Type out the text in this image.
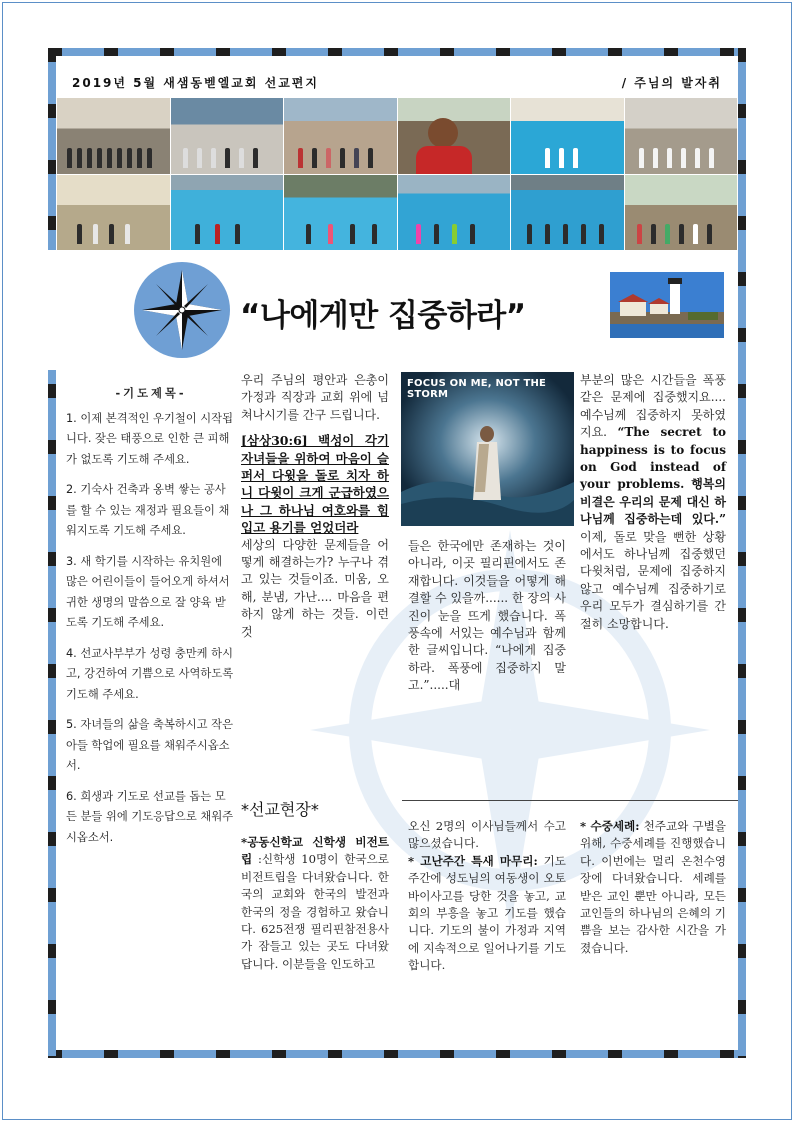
2019년 5월 새샘동벧엘교회 선교편지	/ 주님의 발자취
“나에게만 집중하라”
-기도제목-
1. 이제 본격적인 우기철이 시작됩니다. 잦은 태풍으로 인한 큰 피해가 없도록 기도해 주세요.
2. 기숙사 건축과 옹벽 쌓는 공사를 할 수 있는 재정과 필요들이 채워지도록 기도해 주세요.
3. 새 학기를 시작하는 유치원에 많은 어린이들이 들어오게 하셔서 귀한 생명의 말씀으로 잘 양육 받도록 기도해 주세요.
4. 선교사부부가 성령 충만케 하시고, 강건하여 기쁨으로 사역하도록 기도해 주세요.
5. 자녀들의 삶을 축복하시고 작은아들 학업에 필요를 채워주시옵소서.
6. 희생과 기도로 선교를 돕는 모든 분들 위에 기도응답으로 채워주시옵소서.

우리 주님의 평안과 은총이 가정과 직장과 교회 위에 넘쳐나시기를 간구 드립니다.

[삼상30:6] 백성이 각기 자녀들을 위하여 마음이 슬퍼서 다윗을 돌로 치자 하니 다윗이 크게 군급하였으나 그 하나님 여호와를 힘입고 용기를 얻었더라

세상의 다양한 문제들을 어떻게 해결하는가? 누구나 겪고 있는 것들이죠. 미움, 오해, 분냄, 가난.... 마음을 편하지 않게 하는 것들. 이런 것

FOCUS ON ME, NOT THE STORM

들은 한국에만 존재하는 것이 아니라, 이곳 필리핀에서도 존재합니다. 이것들을 어떻게 해결할 수 있을까...... 한 장의 사진이 눈을 뜨게 했습니다. 폭풍속에 서있는 예수님과 함께한 글씨입니다. “나에게 집중하라. 폭풍에 집중하지 말고.”.....대

부분의 많은 시간들을 폭풍같은 문제에 집중했지요....예수님께 집중하지 못하였지요. “The secret to happiness is to focus on God instead of your problems. 행복의 비결은 우리의 문제 대신 하나님께 집중하는데 있다.” 이제, 돌로 맞을 뻔한 상황에서도 하나님께 집중했던 다윗처럼, 문제에 집중하지 않고 예수님께 집중하기로 우리 모두가 결심하기를 간절히 소망합니다.

*선교현장*

*공동신학교 신학생 비전트립 :신학생 10명이 한국으로 비전트립을 다녀왔습니다. 한국의 교회와 한국의 발전과 한국의 정을 경험하고 왔습니다. 625전쟁 필리핀참전용사가 잠들고 있는 곳도 다녀왔답니다. 이분들을 인도하고

오신 2명의 이사님들께서 수고 많으셨습니다.

* 고난주간 특새 마무리: 기도주간에 성도님의 여동생이 오토바이사고를 당한 것을 놓고, 교회의 부흥을 놓고 기도를 했습니다. 기도의 불이 가정과 지역에 지속적으로 일어나기를 기도합니다.

* 수중세례: 천주교와 구별을 위해, 수중세례를 진행했습니다. 이번에는 멀리 온천수영장에 다녀왔습니다. 세례를 받은 교인 뿐만 아니라, 모든 교인들의 하나님의 은혜의 기쁨을 보는 감사한 시간을 가졌습니다.
